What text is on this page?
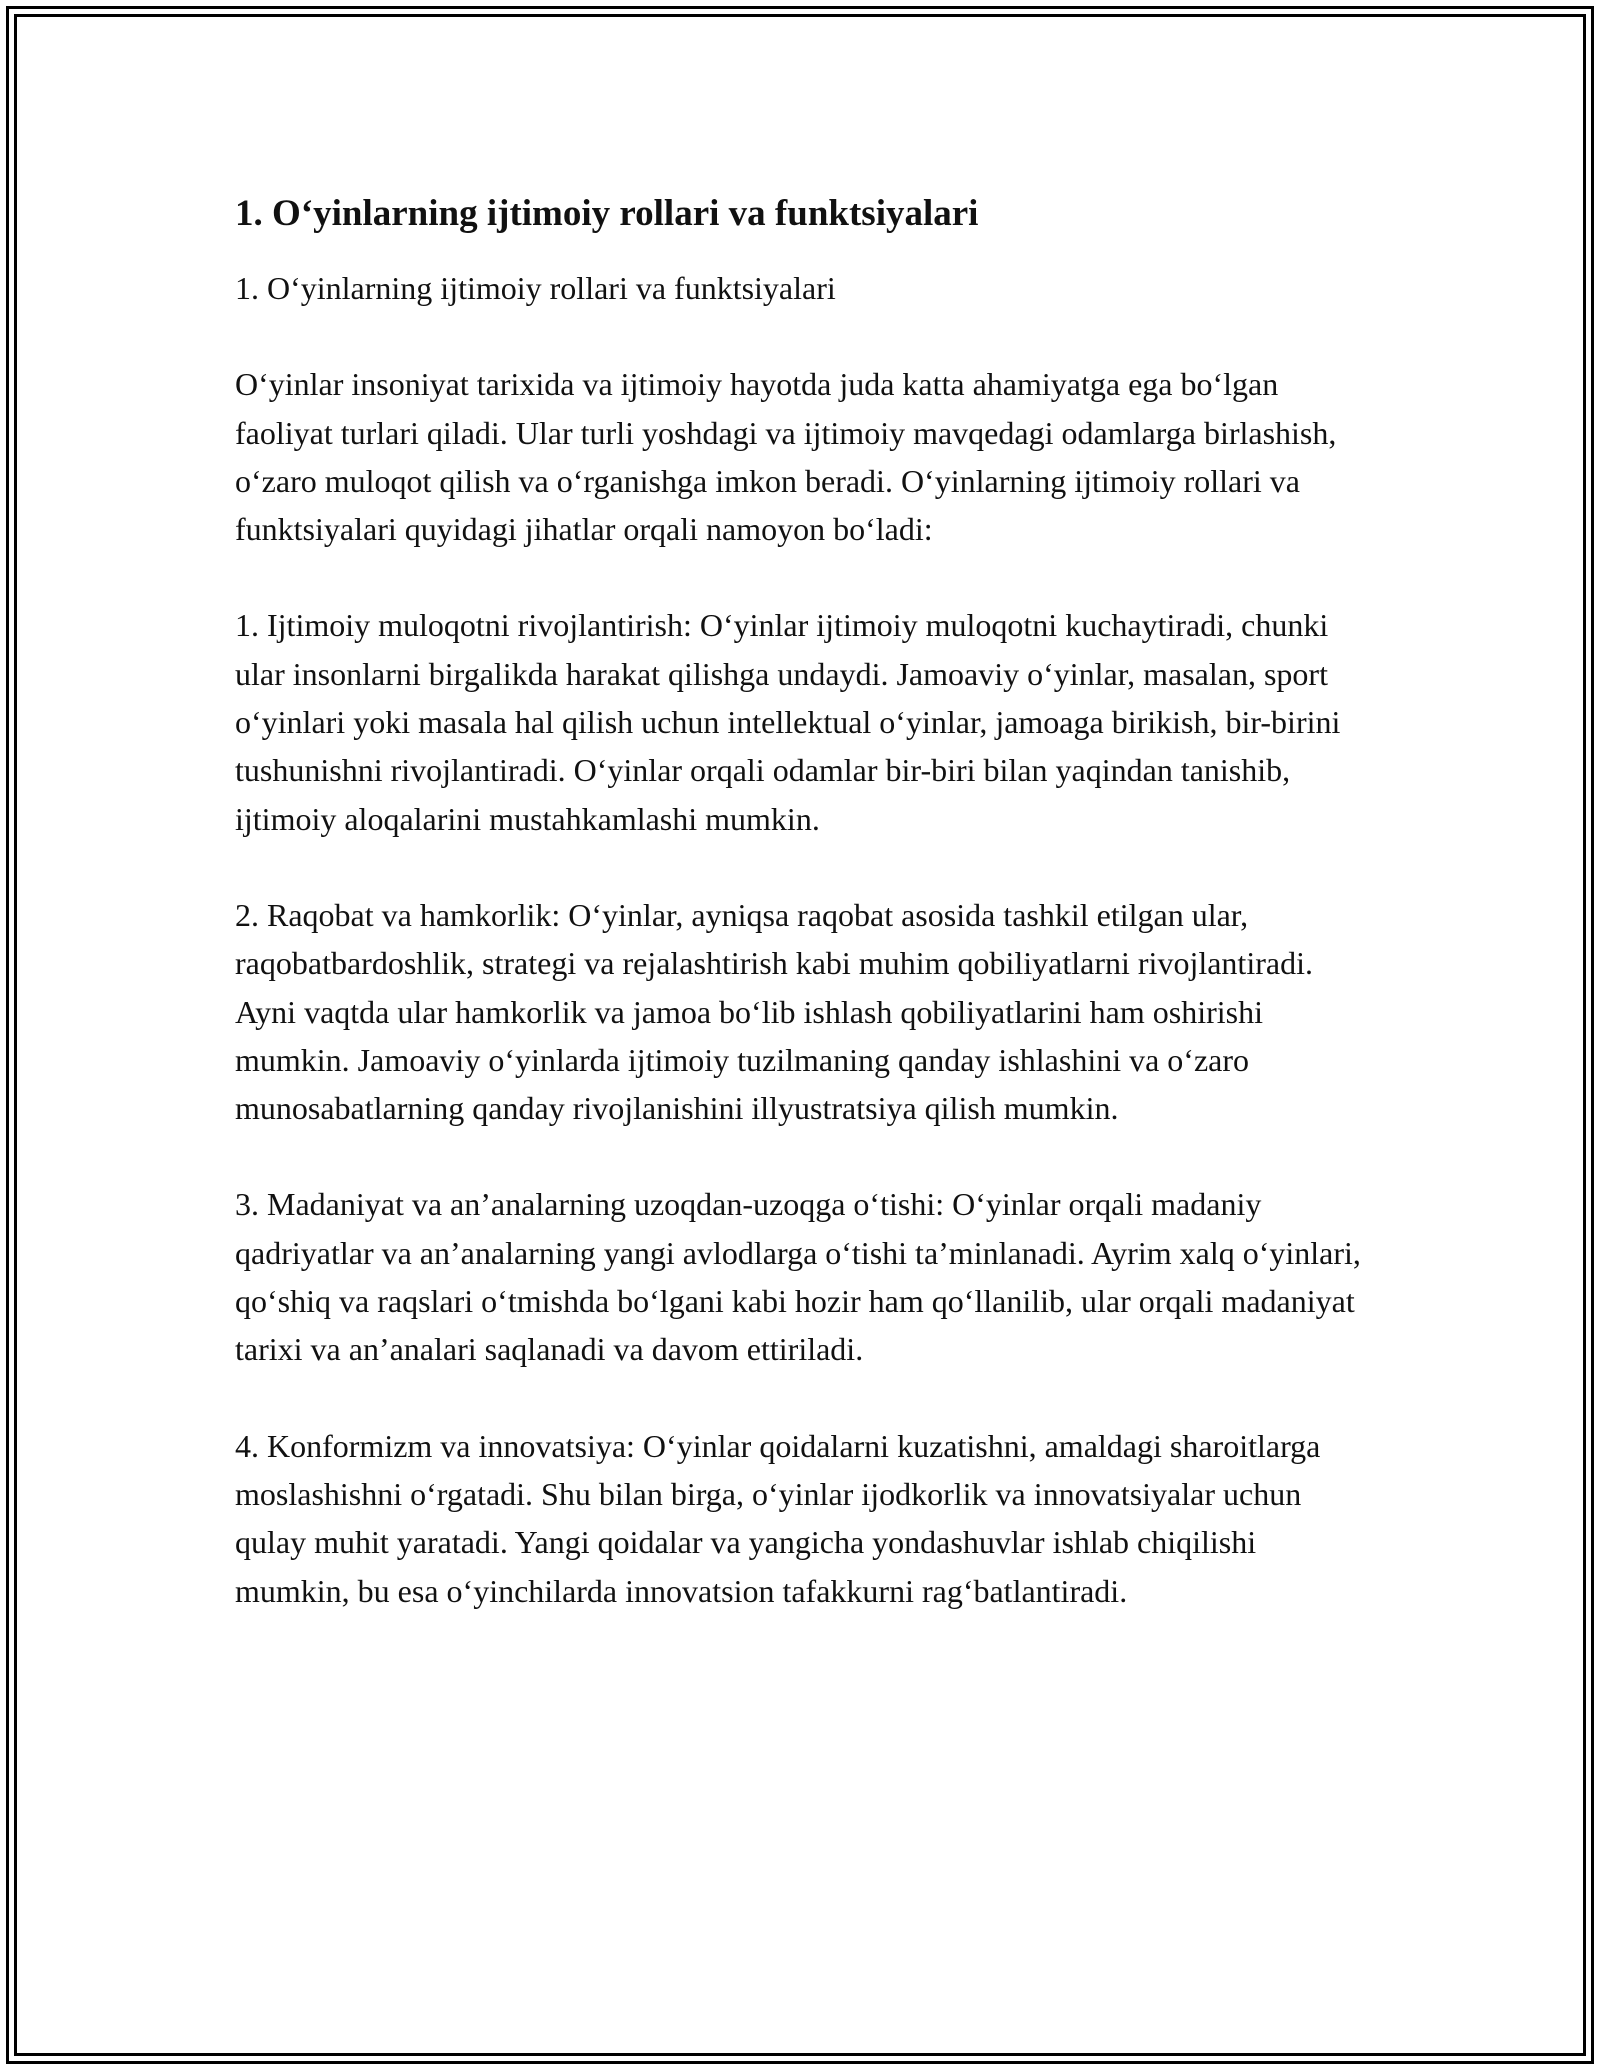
1. O‘yinlarning ijtimoiy rollari va funktsiyalari

1. O‘yinlarning ijtimoiy rollari va funktsiyalari

O‘yinlar insoniyat tarixida va ijtimoiy hayotda juda katta ahamiyatga ega bo‘lgan faoliyat turlari qiladi. Ular turli yoshdagi va ijtimoiy mavqedagi odamlarga birlashish, o‘zaro muloqot qilish va o‘rganishga imkon beradi. O‘yinlarning ijtimoiy rollari va funktsiyalari quyidagi jihatlar orqali namoyon bo‘ladi:

1. Ijtimoiy muloqotni rivojlantirish: O‘yinlar ijtimoiy muloqotni kuchaytiradi, chunki ular insonlarni birgalikda harakat qilishga undaydi. Jamoaviy o‘yinlar, masalan, sport o‘yinlari yoki masala hal qilish uchun intellektual o‘yinlar, jamoaga birikish, bir-birini tushunishni rivojlantiradi. O‘yinlar orqali odamlar bir-biri bilan yaqindan tanishib, ijtimoiy aloqalarini mustahkamlashi mumkin.

2. Raqobat va hamkorlik: O‘yinlar, ayniqsa raqobat asosida tashkil etilgan ular, raqobatbardoshlik, strategi va rejalashtirish kabi muhim qobiliyatlarni rivojlantiradi. Ayni vaqtda ular hamkorlik va jamoa bo‘lib ishlash qobiliyatlarini ham oshirishi mumkin. Jamoaviy o‘yinlarda ijtimoiy tuzilmaning qanday ishlashini va o‘zaro munosabatlarning qanday rivojlanishini illyustratsiya qilish mumkin.

3. Madaniyat va an’analarning uzoqdan-uzoqga o‘tishi: O‘yinlar orqali madaniy qadriyatlar va an’analarning yangi avlodlarga o‘tishi ta’minlanadi. Ayrim xalq o‘yinlari, qo‘shiq va raqslari o‘tmishda bo‘lgani kabi hozir ham qo‘llanilib, ular orqali madaniyat tarixi va an’analari saqlanadi va davom ettiriladi.

4. Konformizm va innovatsiya: O‘yinlar qoidalarni kuzatishni, amaldagi sharoitlarga moslashishni o‘rgatadi. Shu bilan birga, o‘yinlar ijodkorlik va innovatsiyalar uchun qulay muhit yaratadi. Yangi qoidalar va yangicha yondashuvlar ishlab chiqilishi mumkin, bu esa o‘yinchilarda innovatsion tafakkurni rag‘batlantiradi.
